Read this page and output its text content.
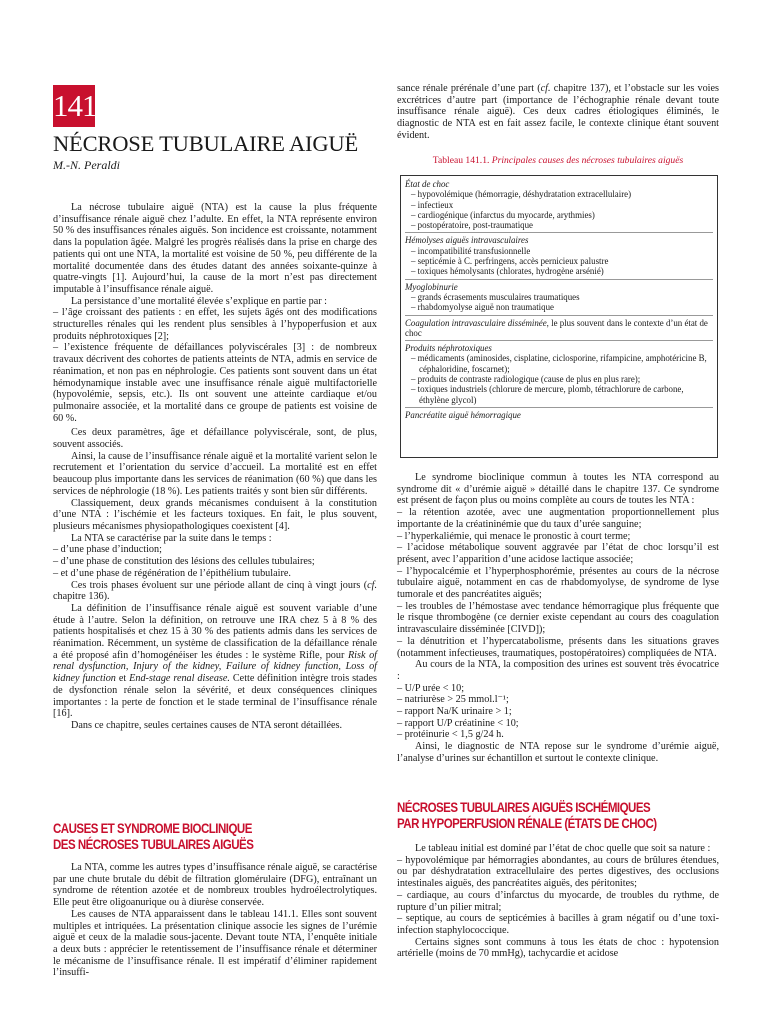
141
NÉCROSE TUBULAIRE AIGUË
M.-N. Peraldi

La nécrose tubulaire aiguë (NTA) est la cause la plus fréquente d’insuffisance rénale aiguë chez l’adulte. En effet, la NTA représente environ 50 % des insuffisances rénales aiguës. Son incidence est croissante, notamment dans la population âgée. Malgré les progrès réalisés dans la prise en charge des patients qui ont une NTA, la mortalité est voisine de 50 %, peu différente de la mortalité documentée dans des études datant des années soixante-quinze à quatre-vingts [1]. Aujourd’hui, la cause de la mort n’est pas directement imputable à l’insuffisance rénale aiguë.

La persistance d’une mortalité élevée s’explique en partie par :

– l’âge croissant des patients : en effet, les sujets âgés ont des modifications structurelles rénales qui les rendent plus sensibles à l’hypoperfusion et aux produits néphrotoxiques [2];

– l’existence fréquente de défaillances polyviscérales [3] : de nombreux travaux décrivent des cohortes de patients atteints de NTA, admis en service de réanimation, et non pas en néphrologie. Ces patients sont souvent dans un état hémodynamique instable avec une insuffisance rénale aiguë multifactorielle (hypovolémie, sepsis, etc.). Ils ont souvent une atteinte cardiaque et/ou pulmonaire associée, et la mortalité dans ce groupe de patients est voisine de 60 %.

Ces deux paramètres, âge et défaillance polyviscérale, sont, de plus, souvent associés.

Ainsi, la cause de l’insuffisance rénale aiguë et la mortalité varient selon le recrutement et l’orientation du service d’accueil. La mortalité est en effet beaucoup plus importante dans les services de réanimation (60 %) que dans les services de néphrologie (18 %). Les patients traités y sont bien sûr différents.

Classiquement, deux grands mécanismes conduisent à la constitution d’une NTA : l’ischémie et les facteurs toxiques. En fait, le plus souvent, plusieurs mécanismes physiopathologiques coexistent [4].

La NTA se caractérise par la suite dans le temps :

– d’une phase d’induction;

– d’une phase de constitution des lésions des cellules tubulaires;

– et d’une phase de régénération de l’épithélium tubulaire.

Ces trois phases évoluent sur une période allant de cinq à vingt jours (cf. chapitre 136).

La définition de l’insuffisance rénale aiguë est souvent variable d’une étude à l’autre. Selon la définition, on retrouve une IRA chez 5 à 8 % des patients hospitalisés et chez 15 à 30 % des patients admis dans les services de réanimation. Récemment, un système de classification de la défaillance rénale a été proposé afin d’homogénéiser les études : le système Rifle, pour Risk of renal dysfunction, Injury of the kidney, Failure of kidney function, Loss of kidney function et End-stage renal disease. Cette définition intègre trois stades de dysfonction rénale selon la sévérité, et deux conséquences cliniques importantes : la perte de fonction et le stade terminal de l’insuffisance rénale [16].

Dans ce chapitre, seules certaines causes de NTA seront détaillées.

CAUSES ET SYNDROME BIOCLINIQUE
DES NÉCROSES TUBULAIRES AIGUËS

La NTA, comme les autres types d’insuffisance rénale aiguë, se caractérise par une chute brutale du débit de filtration glomérulaire (DFG), entraînant un syndrome de rétention azotée et de nombreux troubles hydroélectrolytiques. Elle peut être oligoanurique ou à diurèse conservée.

Les causes de NTA apparaissent dans le tableau 141.1. Elles sont souvent multiples et intriquées. La présentation clinique associe les signes de l’urémie aiguë et ceux de la maladie sous-jacente. Devant toute NTA, l’enquête initiale a deux buts : apprécier le retentissement de l’insuffisance rénale et déterminer le mécanisme de l’insuffisance rénale. Il est impératif d’éliminer rapidement l’insuffi-

sance rénale prérénale d’une part (cf. chapitre 137), et l’obstacle sur les voies excrétrices d’autre part (importance de l’échographie rénale devant toute insuffisance rénale aiguë). Ces deux cadres étiologiques éliminés, le diagnostic de NTA est en fait assez facile, le contexte clinique étant souvent évident.

Tableau 141.1. Principales causes des nécroses tubulaires aiguës
État de choc
– hypovolémique (hémorragie, déshydratation extracellulaire)
– infectieux
– cardiogénique (infarctus du myocarde, arythmies)
– postopératoire, post-traumatique
Hémolyses aiguës intravasculaires
– incompatibilité transfusionnelle
– septicémie à C. perfringens, accès pernicieux palustre
– toxiques hémolysants (chlorates, hydrogène arsénié)
Myoglobinurie
– grands écrasements musculaires traumatiques
– rhabdomyolyse aiguë non traumatique
Coagulation intravasculaire disséminée, le plus souvent dans le contexte d’un état de choc
Produits néphrotoxiques
– médicaments (aminosides, cisplatine, ciclosporine, rifampicine, amphotéricine B, céphaloridine, foscarnet);
– produits de contraste radiologique (cause de plus en plus rare);
– toxiques industriels (chlorure de mercure, plomb, tétrachlorure de carbone, éthylène glycol)
Pancréatite aiguë hémorragique

Le syndrome bioclinique commun à toutes les NTA correspond au syndrome dit « d’urémie aiguë » détaillé dans le chapitre 137. Ce syndrome est présent de façon plus ou moins complète au cours de toutes les NTA :

– la rétention azotée, avec une augmentation proportionnellement plus importante de la créatininémie que du taux d’urée sanguine;

– l’hyperkaliémie, qui menace le pronostic à court terme;

– l’acidose métabolique souvent aggravée par l’état de choc lorsqu’il est présent, avec l’apparition d’une acidose lactique associée;

– l’hypocalcémie et l’hyperphosphorémie, présentes au cours de la nécrose tubulaire aiguë, notamment en cas de rhabdomyolyse, de syndrome de lyse tumorale et des pancréatites aiguës;

– les troubles de l’hémostase avec tendance hémorragique plus fréquente que le risque thrombogène (ce dernier existe cependant au cours des coagulation intravasculaire disséminée [CIVD]);

– la dénutrition et l’hypercatabolisme, présents dans les situations graves (notamment infectieuses, traumatiques, postopératoires) compliquées de NTA.

Au cours de la NTA, la composition des urines est souvent très évocatrice :

– U/P urée < 10;

– natriurèse > 25 mmol.l⁻¹;

– rapport Na/K urinaire > 1;

– rapport U/P créatinine < 10;

– protéinurie < 1,5 g/24 h.

Ainsi, le diagnostic de NTA repose sur le syndrome d’urémie aiguë, l’analyse d’urines sur échantillon et surtout le contexte clinique.

NÉCROSES TUBULAIRES AIGUËS ISCHÉMIQUES
PAR HYPOPERFUSION RÉNALE (ÉTATS DE CHOC)

Le tableau initial est dominé par l’état de choc quelle que soit sa nature :

– hypovolémique par hémorragies abondantes, au cours de brûlures étendues, ou par déshydratation extracellulaire des pertes digestives, des occlusions intestinales aiguës, des pancréatites aiguës, des péritonites;

– cardiaque, au cours d’infarctus du myocarde, de troubles du rythme, de rupture d’un pilier mitral;

– septique, au cours de septicémies à bacilles à gram négatif ou d’une toxi-infection staphylococcique.

Certains signes sont communs à tous les états de choc : hypotension artérielle (moins de 70 mmHg), tachycardie et acidose
